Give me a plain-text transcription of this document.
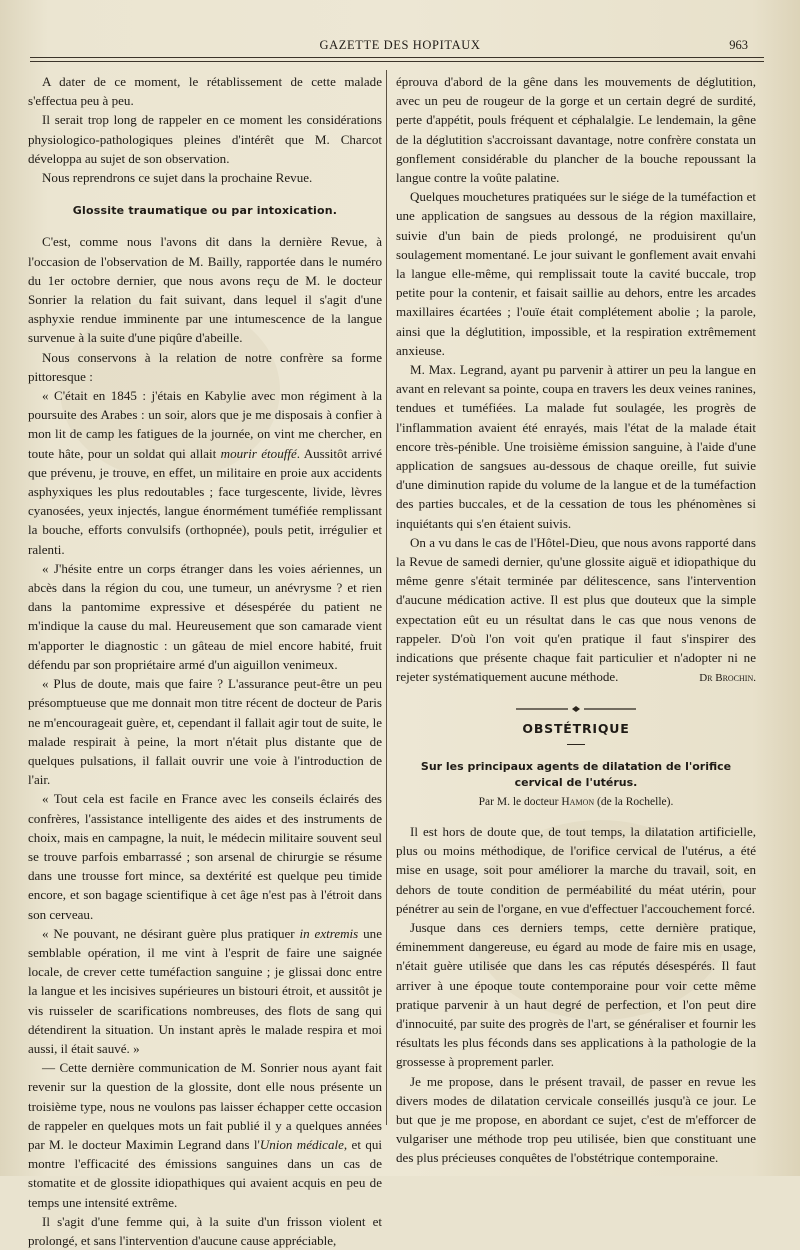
GAZETTE DES HOPITAUX	963

A dater de ce moment, le rétablissement de cette malade s'effectua peu à peu.

Il serait trop long de rappeler en ce moment les considérations physiologico-pathologiques pleines d'intérêt que M. Charcot développa au sujet de son observation.

Nous reprendrons ce sujet dans la prochaine Revue.

Glossite traumatique ou par intoxication.

C'est, comme nous l'avons dit dans la dernière Revue, à l'occasion de l'observation de M. Bailly, rapportée dans le numéro du 1er octobre dernier, que nous avons reçu de M. le docteur Sonrier la relation du fait suivant, dans lequel il s'agit d'une asphyxie rendue imminente par une intumescence de la langue survenue à la suite d'une piqûre d'abeille.

Nous conservons à la relation de notre confrère sa forme pittoresque :

« C'était en 1845 : j'étais en Kabylie avec mon régiment à la poursuite des Arabes : un soir, alors que je me disposais à confier à mon lit de camp les fatigues de la journée, on vint me chercher, en toute hâte, pour un soldat qui allait mourir étouffé. Aussitôt arrivé que prévenu, je trouve, en effet, un militaire en proie aux accidents asphyxiques les plus redoutables ; face turgescente, livide, lèvres cyanosées, yeux injectés, langue énormément tuméfiée remplissant la bouche, efforts convulsifs (orthopnée), pouls petit, irrégulier et ralenti.

« J'hésite entre un corps étranger dans les voies aériennes, un abcès dans la région du cou, une tumeur, un anévrysme ? et rien dans la pantomime expressive et désespérée du patient ne m'indique la cause du mal. Heureusement que son camarade vient m'apporter le diagnostic : un gâteau de miel encore habité, fruit défendu par son propriétaire armé d'un aiguillon venimeux.

« Plus de doute, mais que faire ? L'assurance peut-être un peu présomptueuse que me donnait mon titre récent de docteur de Paris ne m'encourageait guère, et, cependant il fallait agir tout de suite, le malade respirait à peine, la mort n'était plus distante que de quelques pulsations, il fallait ouvrir une voie à l'introduction de l'air.

« Tout cela est facile en France avec les conseils éclairés des confrères, l'assistance intelligente des aides et des instruments de choix, mais en campagne, la nuit, le médecin militaire souvent seul se trouve parfois embarrassé ; son arsenal de chirurgie se résume dans une trousse fort mince, sa dextérité est quelque peu timide encore, et son bagage scientifique à cet âge n'est pas à l'étroit dans son cerveau.

« Ne pouvant, ne désirant guère plus pratiquer in extremis une semblable opération, il me vint à l'esprit de faire une saignée locale, de crever cette tuméfaction sanguine ; je glissai donc entre la langue et les incisives supérieures un bistouri étroit, et aussitôt je vis ruisseler de scarifications nombreuses, des flots de sang qui détendirent la situation. Un instant après le malade respira et moi aussi, il était sauvé. »

— Cette dernière communication de M. Sonrier nous ayant fait revenir sur la question de la glossite, dont elle nous présente un troisième type, nous ne voulons pas laisser échapper cette occasion de rappeler en quelques mots un fait publié il y a quelques années par M. le docteur Maximin Legrand dans l'Union médicale, et qui montre l'efficacité des émissions sanguines dans un cas de stomatite et de glossite idiopathiques qui avaient acquis en peu de temps une intensité extrême.

Il s'agit d'une femme qui, à la suite d'un frisson violent et prolongé, et sans l'intervention d'aucune cause appréciable,

éprouva d'abord de la gêne dans les mouvements de déglutition, avec un peu de rougeur de la gorge et un certain degré de surdité, perte d'appétit, pouls fréquent et céphalalgie. Le lendemain, la gêne de la déglutition s'accroissant davantage, notre confrère constata un gonflement considérable du plancher de la bouche repoussant la langue contre la voûte palatine.

Quelques mouchetures pratiquées sur le siége de la tuméfaction et une application de sangsues au dessous de la région maxillaire, suivie d'un bain de pieds prolongé, ne produisirent qu'un soulagement momentané. Le jour suivant le gonflement avait envahi la langue elle-même, qui remplissait toute la cavité buccale, trop petite pour la contenir, et faisait saillie au dehors, entre les arcades maxillaires écartées ; l'ouïe était complétement abolie ; la parole, ainsi que la déglutition, impossible, et la respiration extrêmement anxieuse.

M. Max. Legrand, ayant pu parvenir à attirer un peu la langue en avant en relevant sa pointe, coupa en travers les deux veines ranines, tendues et tuméfiées. La malade fut soulagée, les progrès de l'inflammation avaient été enrayés, mais l'état de la malade était encore très-pénible. Une troisième émission sanguine, à l'aide d'une application de sangsues au-dessous de chaque oreille, fut suivie d'une diminution rapide du volume de la langue et de la tuméfaction des parties buccales, et de la cessation de tous les phénomènes si inquiétants qui s'en étaient suivis.

On a vu dans le cas de l'Hôtel-Dieu, que nous avons rapporté dans la Revue de samedi dernier, qu'une glossite aiguë et idiopathique du même genre s'était terminée par délitescence, sans l'intervention d'aucune médication active. Il est plus que douteux que la simple expectation eût eu un résultat dans le cas que nous venons de rappeler. D'où l'on voit qu'en pratique il faut s'inspirer des indications que présente chaque fait particulier et n'adopter ni ne rejeter systématiquement aucune méthode.	Dr Brochin.

OBSTÉTRIQUE
Sur les principaux agents de dilatation de l'orifice cervical de l'utérus.
Par M. le docteur Hamon (de la Rochelle).

Il est hors de doute que, de tout temps, la dilatation artificielle, plus ou moins méthodique, de l'orifice cervical de l'utérus, a été mise en usage, soit pour améliorer la marche du travail, soit, en dehors de toute condition de perméabilité du méat utérin, pour pénétrer au sein de l'organe, en vue d'effectuer l'accouchement forcé.

Jusque dans ces derniers temps, cette dernière pratique, éminemment dangereuse, eu égard au mode de faire mis en usage, n'était guère utilisée que dans les cas réputés désespérés. Il faut arriver à une époque toute contemporaine pour voir cette même pratique parvenir à un haut degré de perfection, et l'on peut dire d'innocuité, par suite des progrès de l'art, se généraliser et fournir les résultats les plus féconds dans ses applications à la pathologie de la grossesse à proprement parler.

Je me propose, dans le présent travail, de passer en revue les divers modes de dilatation cervicale conseillés jusqu'à ce jour. Le but que je me propose, en abordant ce sujet, c'est de m'efforcer de vulgariser une méthode trop peu utilisée, bien que constituant une des plus précieuses conquêtes de l'obstétrique contemporaine.
